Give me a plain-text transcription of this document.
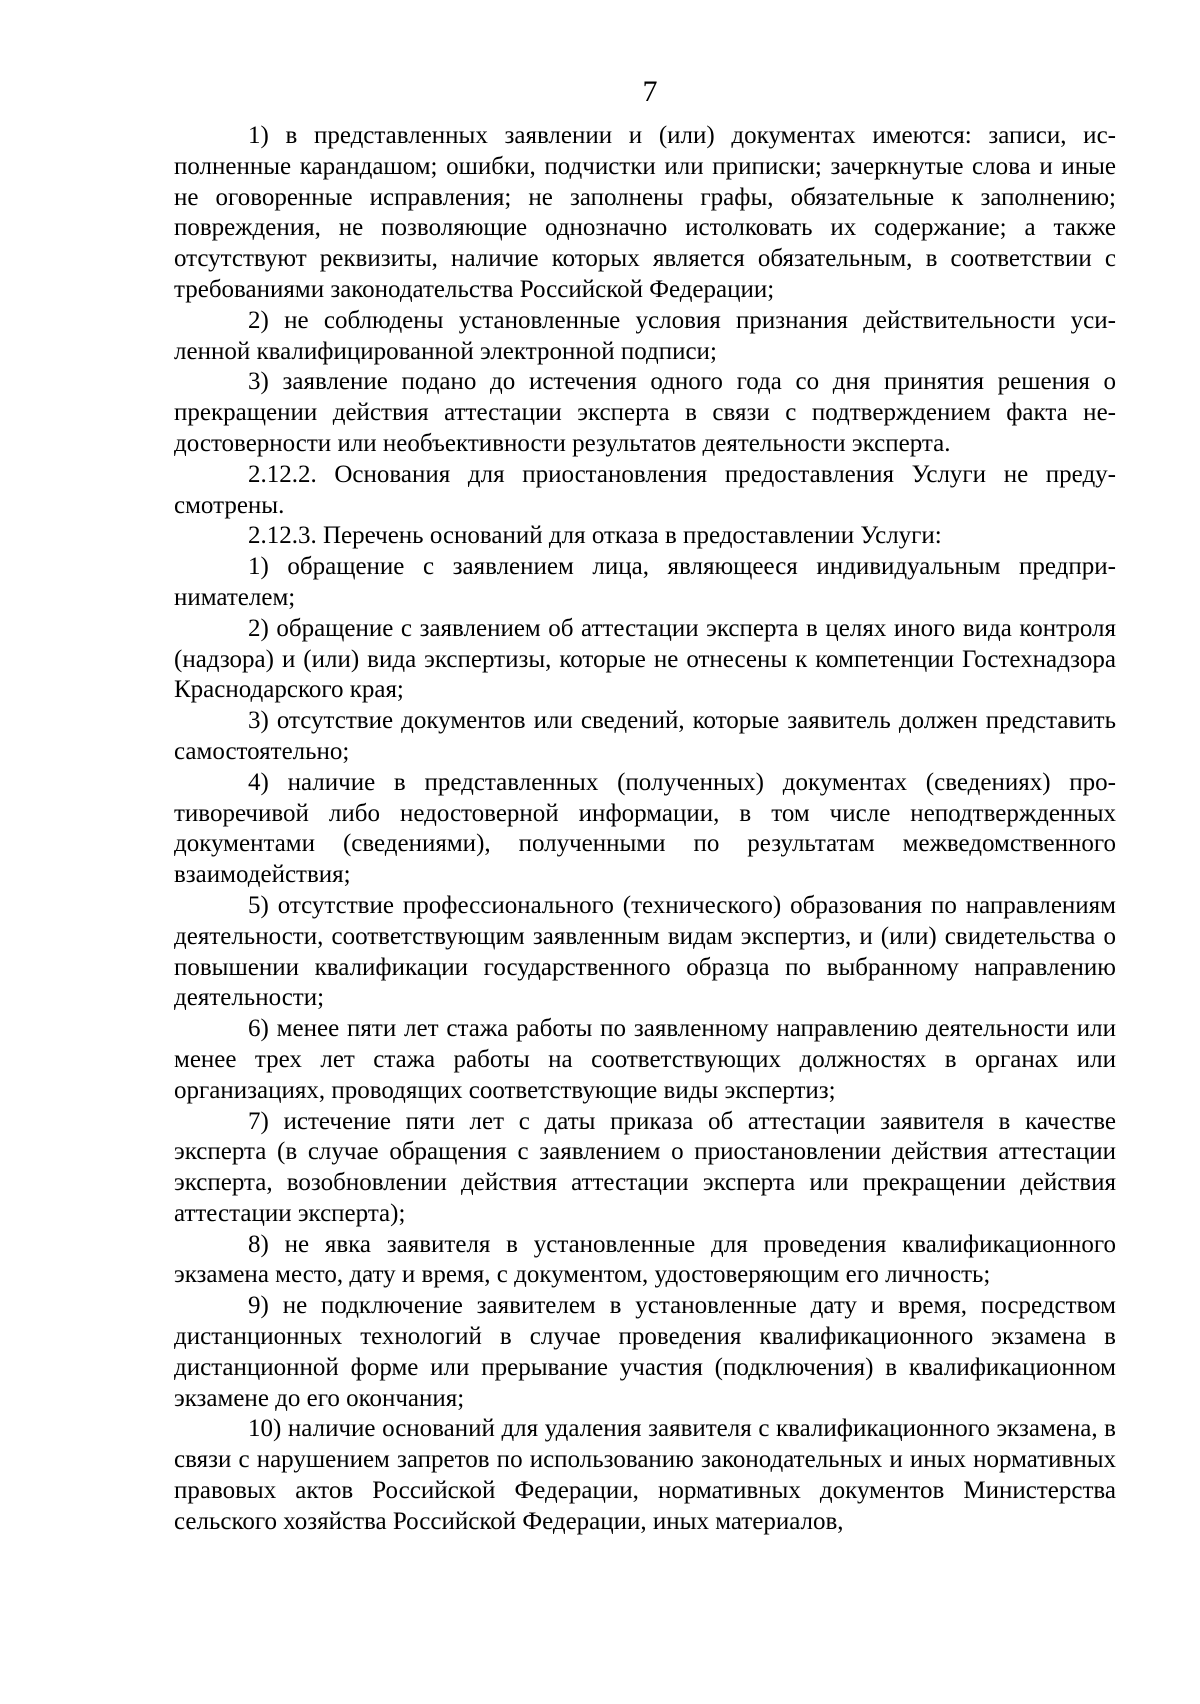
7

1) в представленных заявлении и (или) документах имеются: записи, исполненные карандашом; ошибки, подчистки или приписки; зачеркнутые слова и иные не оговоренные исправления; не заполнены графы, обязательные к заполнению; повреждения, не позволяющие однозначно истолковать их содержание; а также отсутствуют реквизиты, наличие которых является обязательным, в соответствии с требованиями законодательства Российской Федерации;

2) не соблюдены установленные условия признания действительности усиленной квалифицированной электронной подписи;

3) заявление подано до истечения одного года со дня принятия решения о прекращении действия аттестации эксперта в связи с подтверждением факта недостоверности или необъективности результатов деятельности эксперта.

2.12.2. Основания для приостановления предоставления Услуги не предусмотрены.

2.12.3. Перечень оснований для отказа в предоставлении Услуги:

1) обращение с заявлением лица, являющееся индивидуальным предпринимателем;

2) обращение с заявлением об аттестации эксперта в целях иного вида контроля (надзора) и (или) вида экспертизы, которые не отнесены к компетенции Гостехнадзора Краснодарского края;

3) отсутствие документов или сведений, которые заявитель должен представить самостоятельно;

4) наличие в представленных (полученных) документах (сведениях) противоречивой либо недостоверной информации, в том числе неподтвержденных документами (сведениями), полученными по результатам межведомственного взаимодействия;

5) отсутствие профессионального (технического) образования по направлениям деятельности, соответствующим заявленным видам экспертиз, и (или) свидетельства о повышении квалификации государственного образца по выбранному направлению деятельности;

6) менее пяти лет стажа работы по заявленному направлению деятельности или менее трех лет стажа работы на соответствующих должностях в органах или организациях, проводящих соответствующие виды экспертиз;

7) истечение пяти лет с даты приказа об аттестации заявителя в качестве эксперта (в случае обращения с заявлением о приостановлении действия аттестации эксперта, возобновлении действия аттестации эксперта или прекращении действия аттестации эксперта);

8) не явка заявителя в установленные для проведения квалификационного экзамена место, дату и время, с документом, удостоверяющим его личность;

9) не подключение заявителем в установленные дату и время, посредством дистанционных технологий в случае проведения квалификационного экзамена в дистанционной форме или прерывание участия (подключения) в квалификационном экзамене до его окончания;

10) наличие оснований для удаления заявителя с квалификационного экзамена, в связи с нарушением запретов по использованию законодательных и иных нормативных правовых актов Российской Федерации, нормативных документов Министерства сельского хозяйства Российской Федерации, иных материалов,
